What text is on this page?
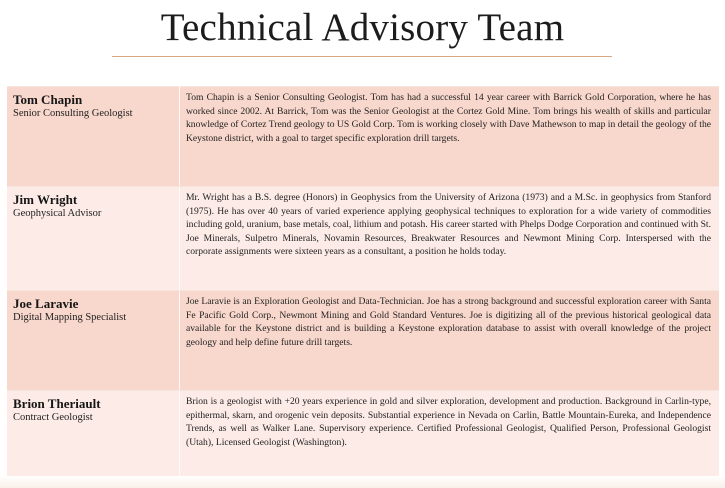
Technical Advisory Team
Tom Chapin
Senior Consulting Geologist	Tom Chapin is a Senior Consulting Geologist. Tom has had a successful 14 year career with Barrick Gold Corporation, where he has worked since 2002. At Barrick, Tom was the Senior Geologist at the Cortez Gold Mine. Tom brings his wealth of skills and particular knowledge of Cortez Trend geology to US Gold Corp. Tom is working closely with Dave Mathewson to map in detail the geology of the Keystone district, with a goal to target specific exploration drill targets.

Jim Wright
Geophysical Advisor	Mr. Wright has a B.S. degree (Honors) in Geophysics from the University of Arizona (1973) and a M.Sc. in geophysics from Stanford (1975). He has over 40 years of varied experience applying geophysical techniques to exploration for a wide variety of commodities including gold, uranium, base metals, coal, lithium and potash. His career started with Phelps Dodge Corporation and continued with St. Joe Minerals, Sulpetro Minerals, Novamin Resources, Breakwater Resources and Newmont Mining Corp. Interspersed with the corporate assignments were sixteen years as a consultant, a position he holds today.

Joe Laravie
Digital Mapping Specialist	Joe Laravie is an Exploration Geologist and Data-Technician. Joe has a strong background and successful exploration career with Santa Fe Pacific Gold Corp., Newmont Mining and Gold Standard Ventures. Joe is digitizing all of the previous historical geological data available for the Keystone district and is building a Keystone exploration database to assist with overall knowledge of the project geology and help define future drill targets.

Brion Theriault
Contract Geologist	Brion is a geologist with +20 years experience in gold and silver exploration, development and production. Background in Carlin-type, epithermal, skarn, and orogenic vein deposits. Substantial experience in Nevada on Carlin, Battle Mountain-Eureka, and Independence Trends, as well as Walker Lane. Supervisory experience. Certified Professional Geologist, Qualified Person, Professional Geologist (Utah), Licensed Geologist (Washington).
